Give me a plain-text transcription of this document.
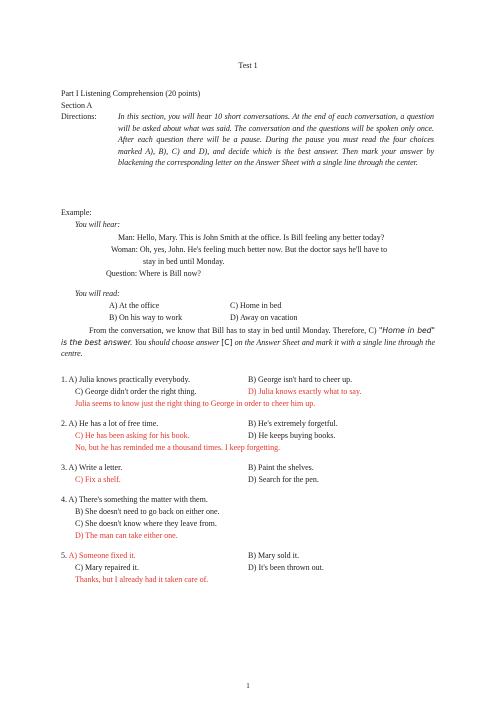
Test 1
Part I Listening Comprehension (20 points)
Section A
Directions:	In this section, you will hear 10 short conversations. At the end of each conversation, a question will be asked about what was said. The conversation and the questions will be spoken only once. After each question there will be a pause. During the pause you must read the four choices marked A), B), C) and D), and decide which is the best answer. Then mark your answer by blackening the corresponding letter on the Answer Sheet with a single line through the center.
Example:
You will hear:
Man: Hello, Mary. This is John Smith at the office. Is Bill feeling any better today?
Woman: Oh, yes, John. He's feeling much better now. But the doctor says he'll have to
stay in bed until Monday.
Question: Where is Bill now?
You will read:
A) At the office	C) Home in bed
B) On his way to work	D) Away on vacation
From the conversation, we know that Bill has to stay in bed until Monday. Therefore, C) "Home in bed" is the best answer. You should choose answer [C] on the Answer Sheet and mark it with a single line through the centre.
1. A) Julia knows practically everybody.	B) George isn't hard to cheer up.
C) George didn't order the right thing.	D) Julia knows exactly what to say.
Julia seems to know just the right thing to George in order to cheer him up.
2. A) He has a lot of free time.	B) He's extremely forgetful.
C) He has been asking for his book.	D) He keeps buying books.
No, but he has reminded me a thousand times. I keep forgetting.
3. A) Write a letter.	B) Paint the shelves.
C) Fix a shelf.	D) Search for the pen.
4. A) There's something the matter with them.
B) She doesn't need to go back on either one.
C) She doesn't know where they leave from.
D) The man can take either one.
5. A) Someone fixed it.	B) Mary sold it.
C) Mary repaired it.	D) It's been thrown out.
Thanks, but I already had it taken care of.
1
